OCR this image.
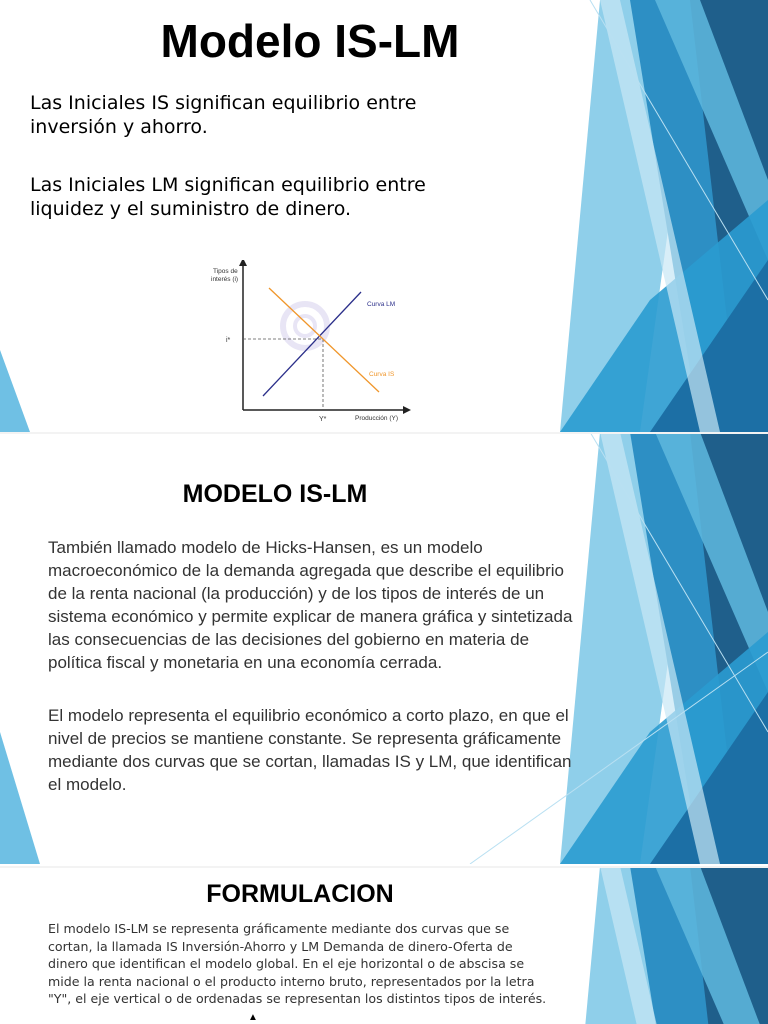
Modelo IS-LM
Las Iniciales IS significan equilibrio entre inversión y ahorro.
Las Iniciales LM significan equilibrio entre liquidez y el suministro de dinero.
Tipos de
interés (i)
Producción (Y)
i*
Y*
Curva LM
Curva IS
MODELO IS-LM
También llamado modelo de Hicks-Hansen, es un modelo macroeconómico de la demanda agregada que describe el equilibrio de la renta nacional (la producción) y de los tipos de interés de un sistema económico y permite explicar de manera gráfica y sintetizada las consecuencias de las decisiones del gobierno en materia de política fiscal y monetaria en una economía cerrada.
El modelo representa el equilibrio económico a corto plazo, en que el nivel de precios se mantiene constante. Se representa gráficamente mediante dos curvas que se cortan, llamadas IS y LM, que identifican el modelo.
FORMULACION
El modelo IS-LM se representa gráficamente mediante dos curvas que se cortan, la llamada IS Inversión-Ahorro y LM Demanda de dinero-Oferta de dinero que identifican el modelo global. En el eje horizontal o de abscisa se mide la renta nacional o el producto interno bruto, representados por la letra "Y", el eje vertical o de ordenadas se representan los distintos tipos de interés.
▲
